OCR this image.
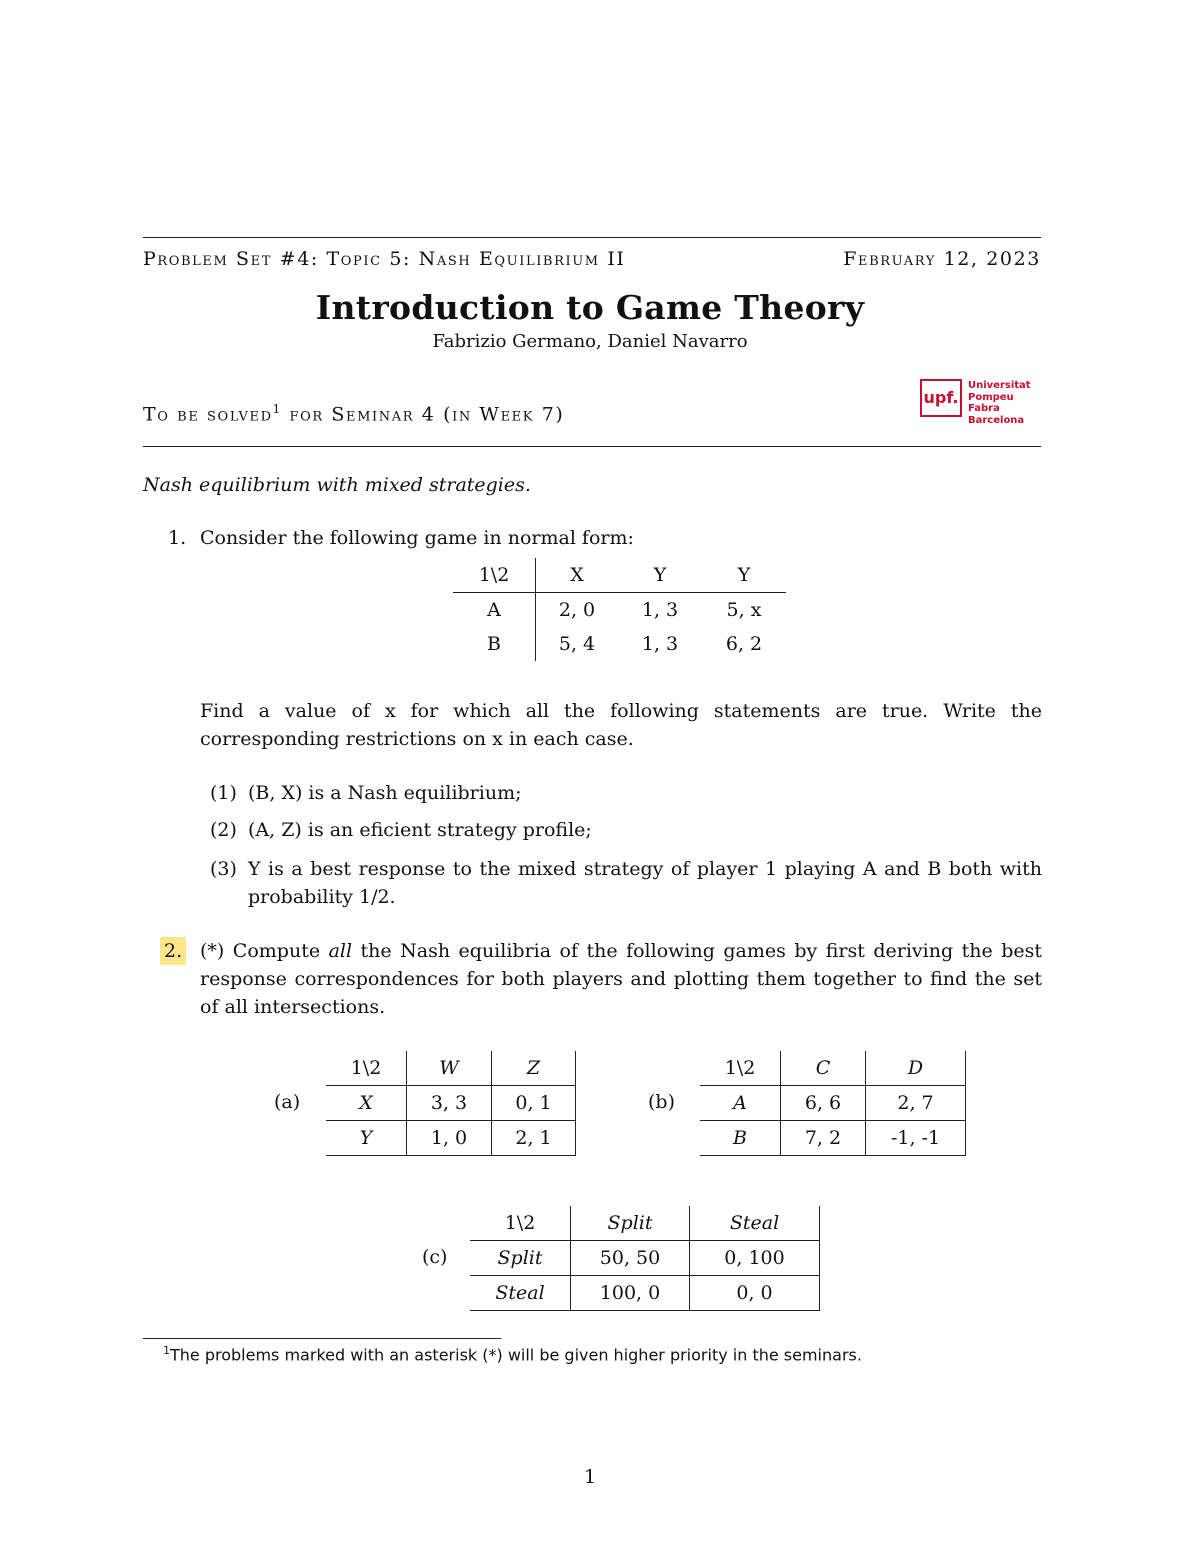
Problem Set #4: Topic 5: Nash Equilibrium II	February 12, 2023
Introduction to Game Theory
Fabrizio Germano, Daniel Navarro
To be solved$^1$ for Seminar 4 (in Week 7)
upf.
Universitat
Pompeu Fabra
Barcelona
Nash equilibrium with mixed strategies.
1. Consider the following game in normal form:
1\2	X	Y	Y
A	2, 0	1, 3	5, x
B	5, 4	1, 3	6, 2
Find a value of x for which all the following statements are true. Write the corresponding restrictions on x in each case.
(1) (B, X) is a Nash equilibrium;
(2) (A, Z) is an eficient strategy profile;
(3) Y is a best response to the mixed strategy of player 1 playing A and B both with probability 1/2.
2. (*) Compute all the Nash equilibria of the following games by first deriving the best response correspondences for both players and plotting them together to find the set of all intersections.
(a)
1\2	W	Z
X	3, 3	0, 1
Y	1, 0	2, 1
(b)
1\2	C	D
A	6, 6	2, 7
B	7, 2	-1, -1
(c)
1\2	Split	Steal
Split	50, 50	0, 100
Steal	100, 0	0, 0
$^1$The problems marked with an asterisk (*) will be given higher priority in the seminars.
1
